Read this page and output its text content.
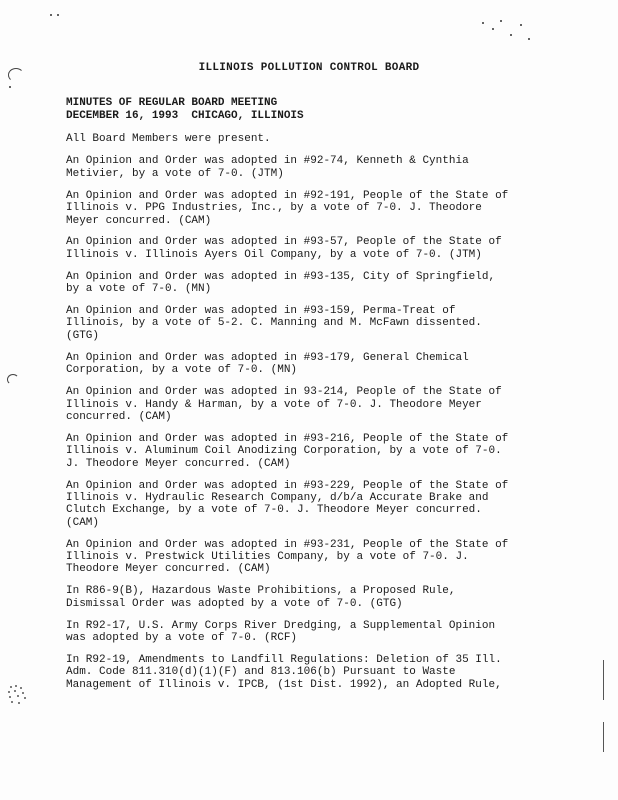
ILLINOIS POLLUTION CONTROL BOARD
MINUTES OF REGULAR BOARD MEETING
DECEMBER 16, 1993  CHICAGO, ILLINOIS

All Board Members were present.

An Opinion and Order was adopted in #92-74, Kenneth & Cynthia
Metivier, by a vote of 7-0. (JTM)

An Opinion and Order was adopted in #92-191, People of the State of
Illinois v. PPG Industries, Inc., by a vote of 7-0. J. Theodore
Meyer concurred. (CAM)

An Opinion and Order was adopted in #93-57, People of the State of
Illinois v. Illinois Ayers Oil Company, by a vote of 7-0. (JTM)

An Opinion and Order was adopted in #93-135, City of Springfield,
by a vote of 7-0. (MN)

An Opinion and Order was adopted in #93-159, Perma-Treat of
Illinois, by a vote of 5-2. C. Manning and M. McFawn dissented.
(GTG)

An Opinion and Order was adopted in #93-179, General Chemical
Corporation, by a vote of 7-0. (MN)

An Opinion and Order was adopted in 93-214, People of the State of
Illinois v. Handy & Harman, by a vote of 7-0. J. Theodore Meyer
concurred. (CAM)

An Opinion and Order was adopted in #93-216, People of the State of
Illinois v. Aluminum Coil Anodizing Corporation, by a vote of 7-0.
J. Theodore Meyer concurred. (CAM)

An Opinion and Order was adopted in #93-229, People of the State of
Illinois v. Hydraulic Research Company, d/b/a Accurate Brake and
Clutch Exchange, by a vote of 7-0. J. Theodore Meyer concurred.
(CAM)

An Opinion and Order was adopted in #93-231, People of the State of
Illinois v. Prestwick Utilities Company, by a vote of 7-0. J.
Theodore Meyer concurred. (CAM)

In R86-9(B), Hazardous Waste Prohibitions, a Proposed Rule,
Dismissal Order was adopted by a vote of 7-0. (GTG)

In R92-17, U.S. Army Corps River Dredging, a Supplemental Opinion
was adopted by a vote of 7-0. (RCF)

In R92-19, Amendments to Landfill Regulations: Deletion of 35 Ill.
Adm. Code 811.310(d)(1)(F) and 813.106(b) Pursuant to Waste
Management of Illinois v. IPCB, (1st Dist. 1992), an Adopted Rule,
